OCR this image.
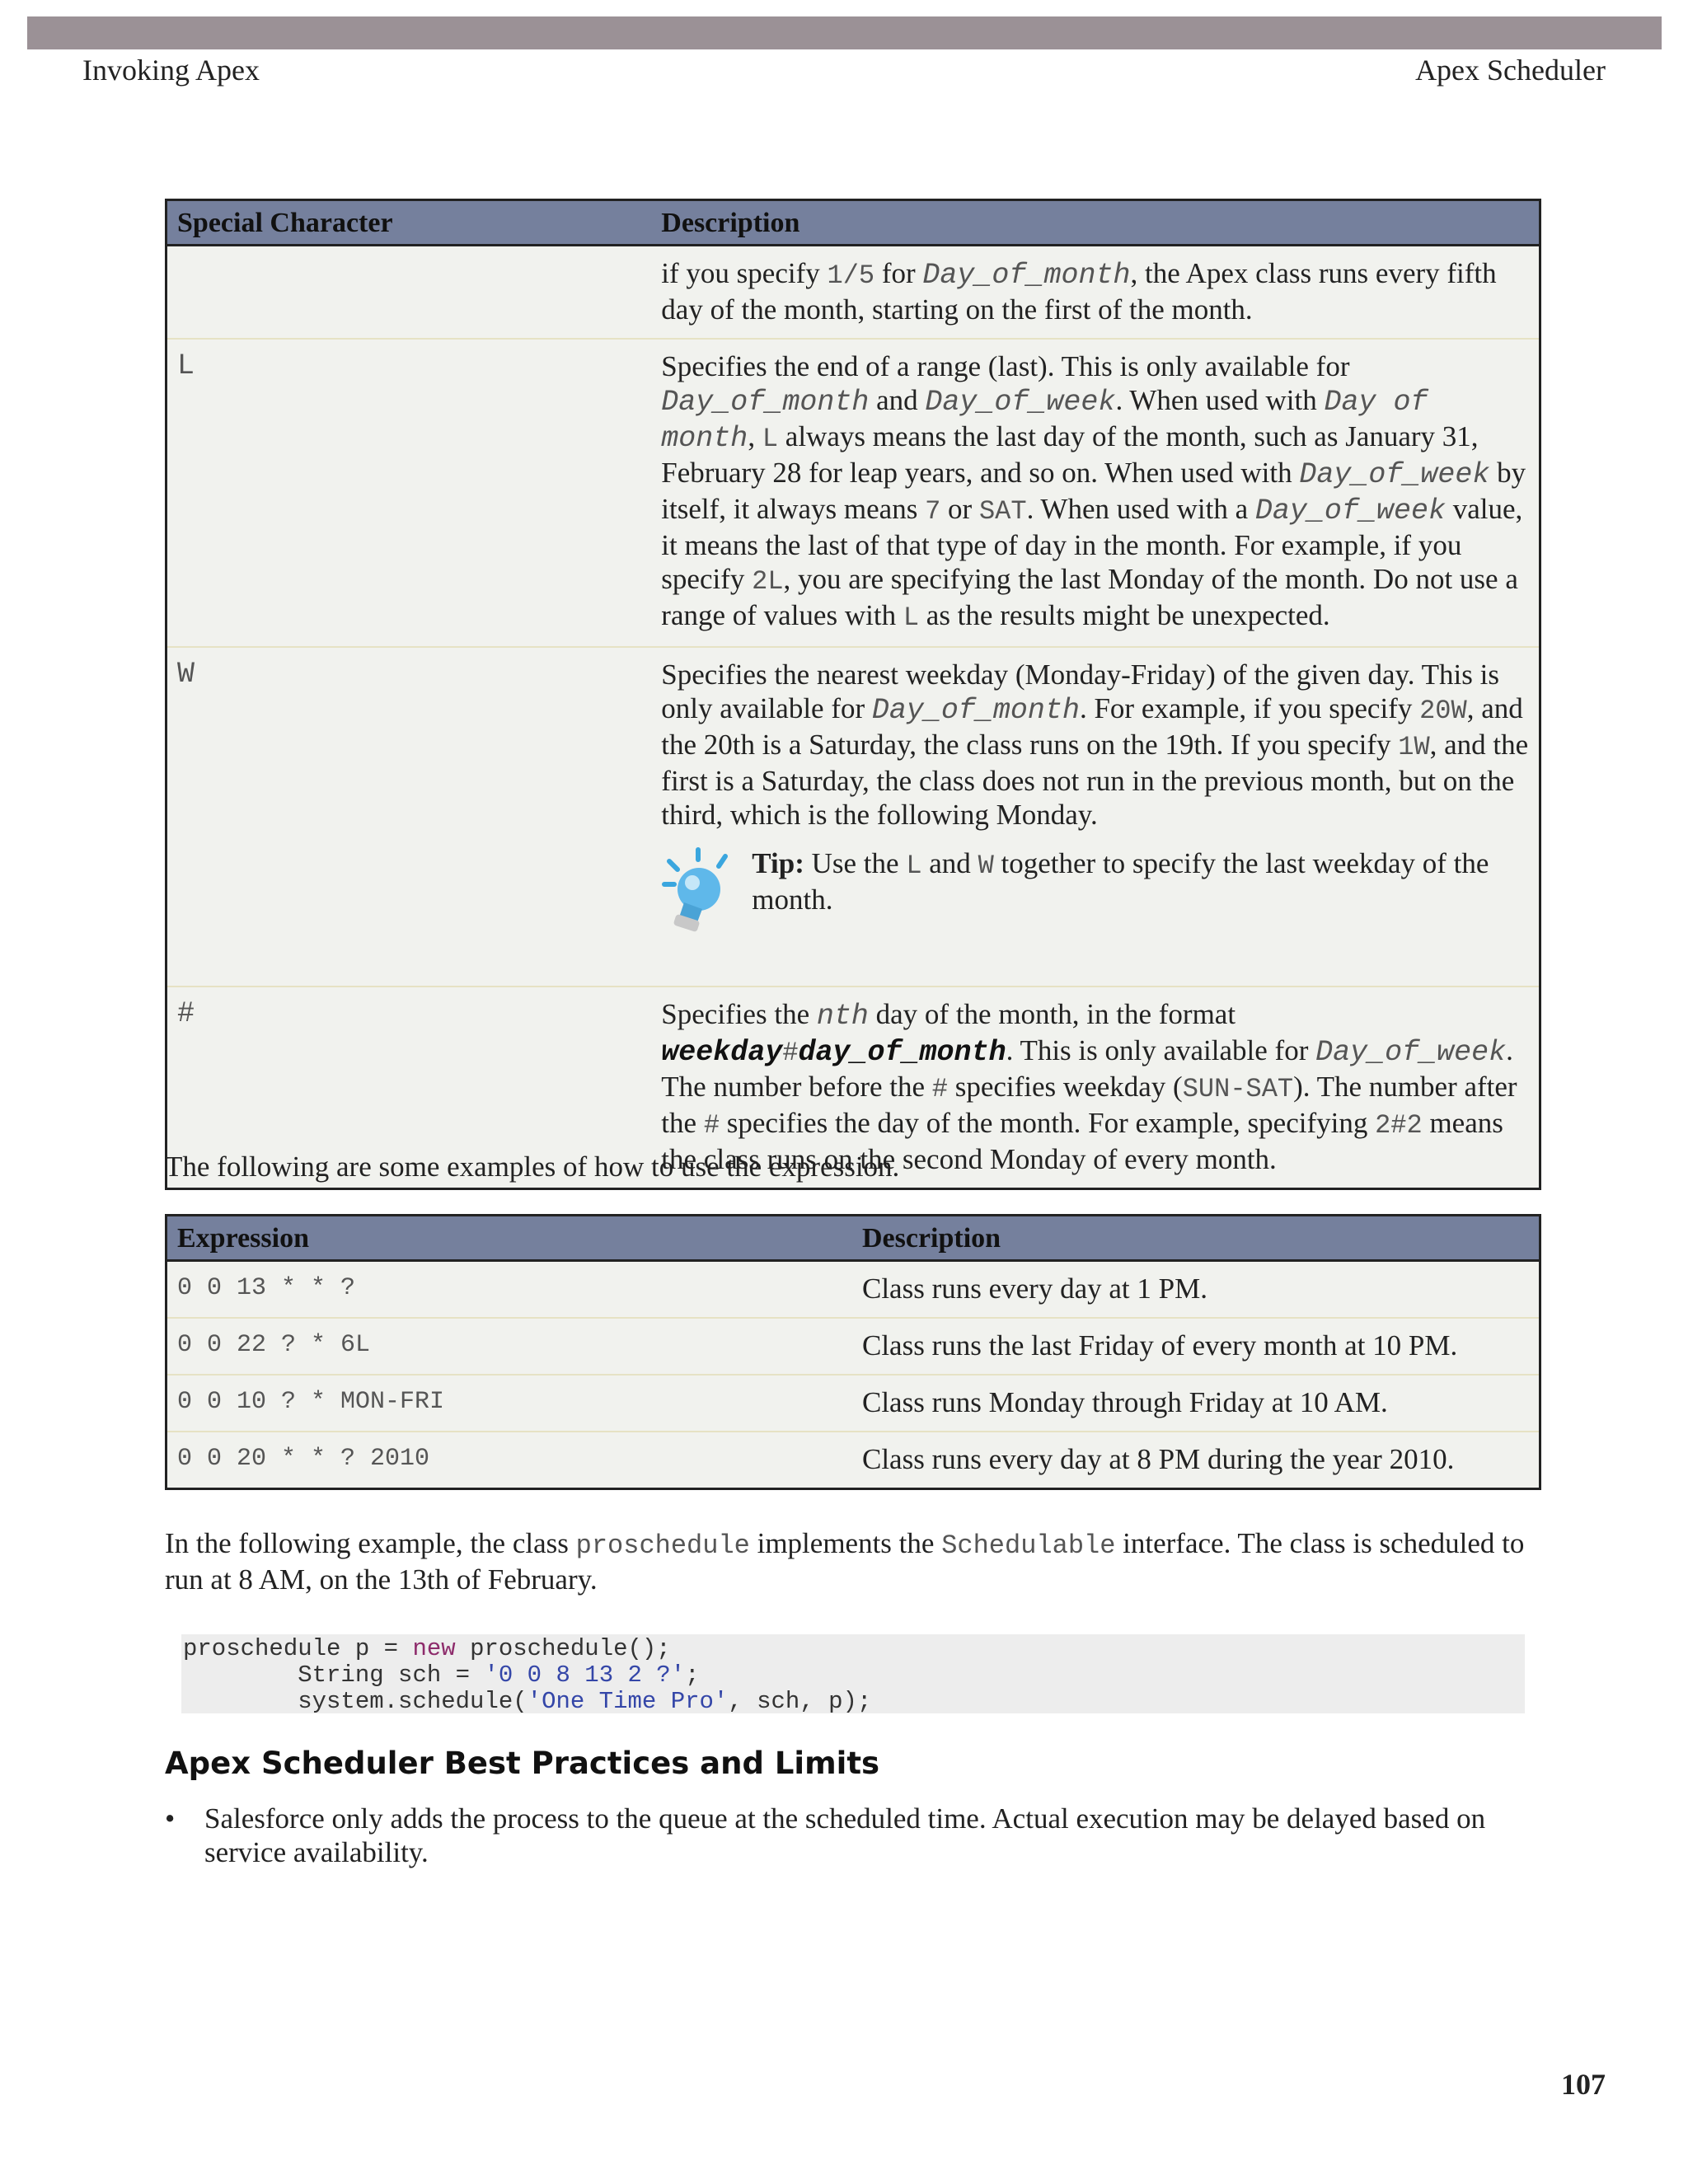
Invoking Apex	Apex Scheduler
Special Character	Description
	if you specify 1/5 for Day_of_month, the Apex class runs every fifth day of the month, starting on the first of the month.
L	Specifies the end of a range (last). This is only available for Day_of_month and Day_of_week. When used with Day of month, L always means the last day of the month, such as January 31, February 28 for leap years, and so on. When used with Day_of_week by itself, it always means 7 or SAT. When used with a Day_of_week value, it means the last of that type of day in the month. For example, if you specify 2L, you are specifying the last Monday of the month. Do not use a range of values with L as the results might be unexpected.
W	Specifies the nearest weekday (Monday-Friday) of the given day. This is only available for Day_of_month. For example, if you specify 20W, and the 20th is a Saturday, the class runs on the 19th. If you specify 1W, and the first is a Saturday, the class does not run in the previous month, but on the third, which is the following Monday.
Tip: Use the L and W together to specify the last weekday of the month.

#	Specifies the nth day of the month, in the format weekday#day_of_month. This is only available for Day_of_week. The number before the # specifies weekday (SUN-SAT). The number after the # specifies the day of the month. For example, specifying 2#2 means the class runs on the second Monday of every month.
The following are some examples of how to use the expression.
Expression	Description
0 0 13 * * ?	Class runs every day at 1 PM.
0 0 22 ? * 6L	Class runs the last Friday of every month at 10 PM.
0 0 10 ? * MON-FRI	Class runs Monday through Friday at 10 AM.
0 0 20 * * ? 2010	Class runs every day at 8 PM during the year 2010.
In the following example, the class proschedule implements the Schedulable interface. The class is scheduled to run at 8 AM, on the 13th of February.
proschedule p = new proschedule();
String sch = '0 0 8 13 2 ?';
system.schedule('One Time Pro', sch, p);
Apex Scheduler Best Practices and Limits
•	Salesforce only adds the process to the queue at the scheduled time. Actual execution may be delayed based on service availability.
107
